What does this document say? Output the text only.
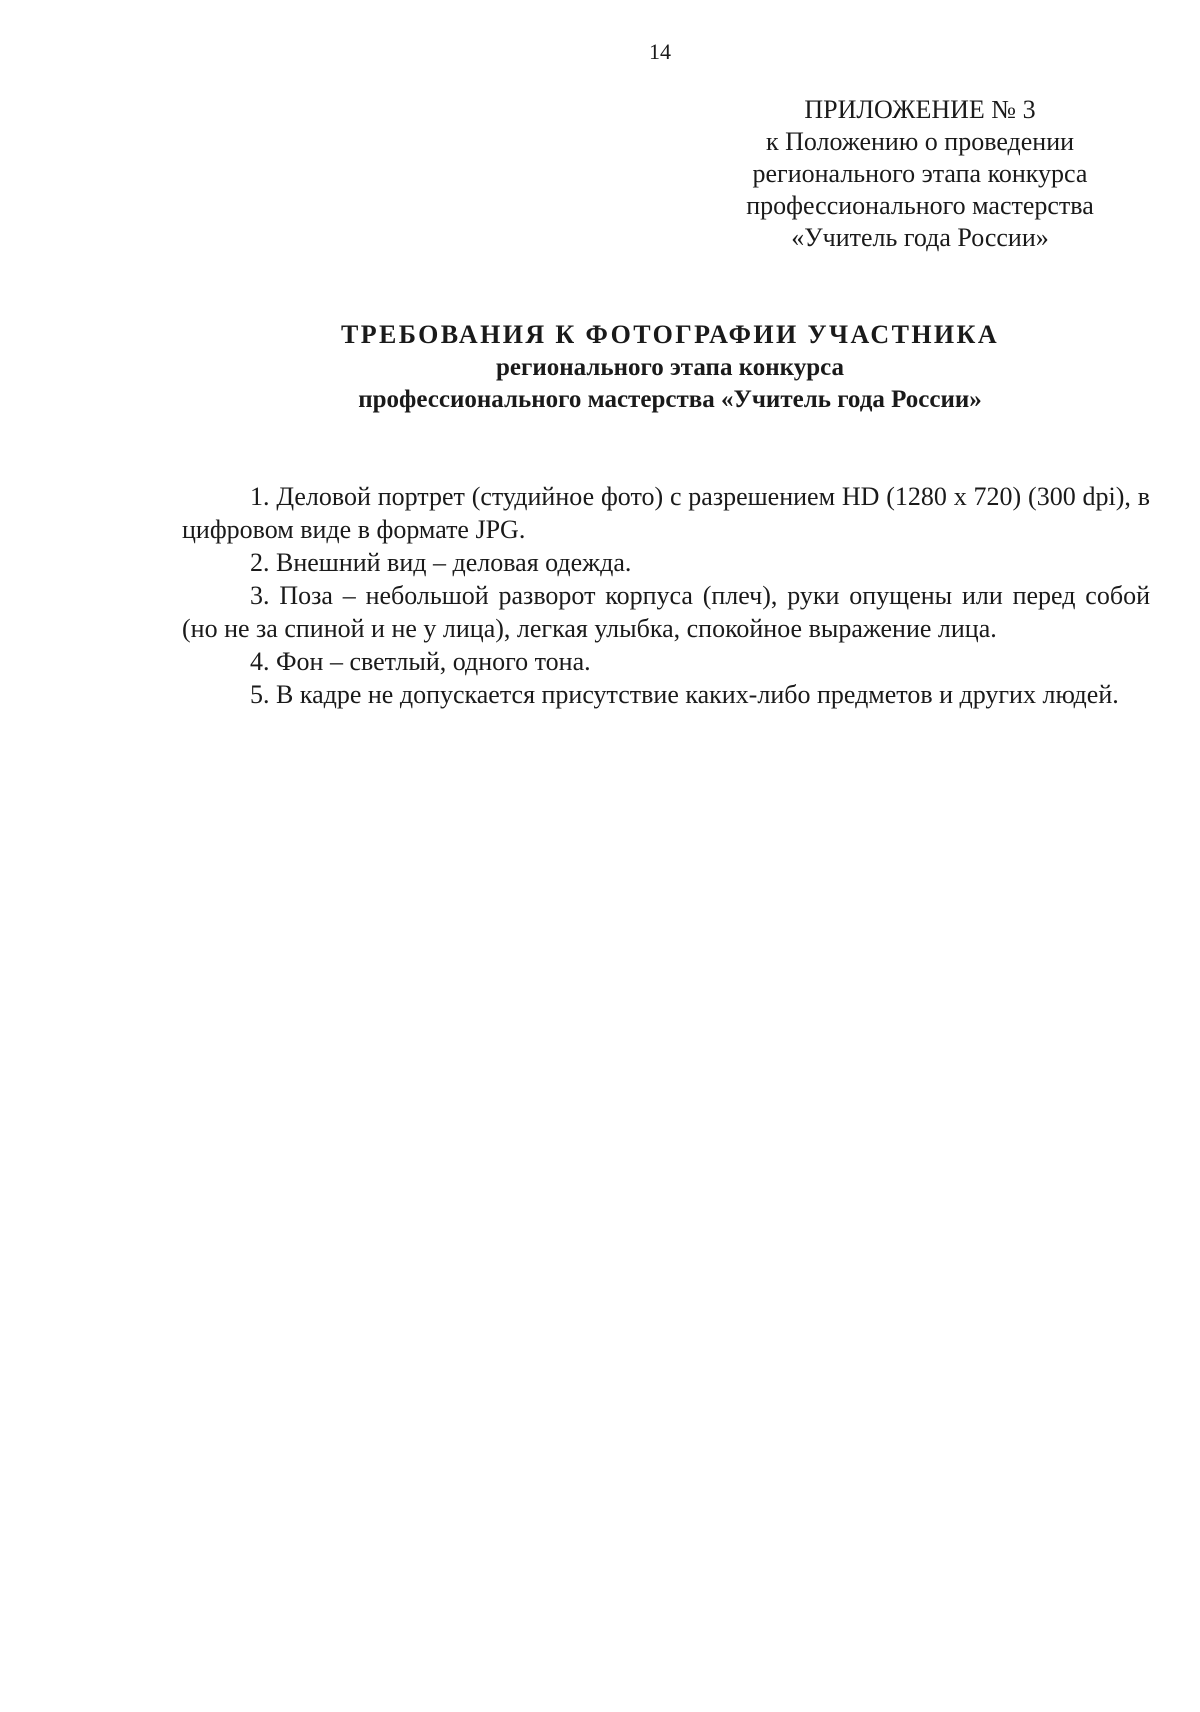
14
ПРИЛОЖЕНИЕ № 3
к Положению о проведении
регионального этапа конкурса
профессионального мастерства
«Учитель года России»
ТРЕБОВАНИЯ К ФОТОГРАФИИ УЧАСТНИКА
регионального этапа конкурса
профессионального мастерства «Учитель года России»

1. Деловой портрет (студийное фото) с разрешением HD (1280 x 720) (300 dpi), в цифровом виде в формате JPG.

2. Внешний вид – деловая одежда.

3. Поза – небольшой разворот корпуса (плеч), руки опущены или перед собой (но не за спиной и не у лица), легкая улыбка, спокойное выражение лица.

4. Фон – светлый, одного тона.

5. В кадре не допускается присутствие каких-либо предметов и других людей.
